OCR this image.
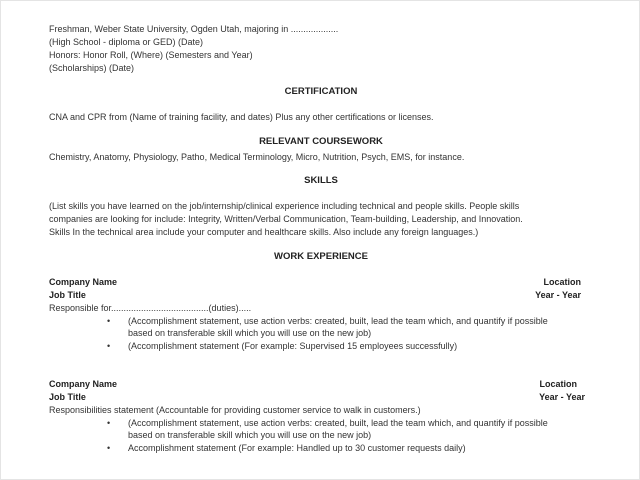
Freshman, Weber State University, Ogden Utah, majoring in ...................
(High School - diploma or GED) (Date)
Honors: Honor Roll, (Where) (Semesters and Year)
(Scholarships) (Date)
CERTIFICATION
CNA and CPR from (Name of training facility, and dates) Plus any other certifications or licenses.
RELEVANT COURSEWORK
Chemistry, Anatomy, Physiology, Patho, Medical Terminology, Micro, Nutrition, Psych, EMS, for instance.
SKILLS
(List skills you have learned on the job/internship/clinical experience including technical and people skills. People skills
companies are looking for include: Integrity, Written/Verbal Communication, Team-building, Leadership, and Innovation.
Skills In the technical area include your computer and healthcare skills. Also include any foreign languages.)
WORK EXPERIENCE
Company Name	Location
Job Title	Year - Year
Responsible for.......................................(duties).....
• (Accomplishment statement, use action verbs: created, built, lead the team which, and quantify if possible
based on transferable skill which you will use on the new job)
• (Accomplishment statement (For example: Supervised 15 employees successfully)
Company Name	Location
Job Title	Year - Year
Responsibilities statement (Accountable for providing customer service to walk in customers.)
• (Accomplishment statement, use action verbs: created, built, lead the team which, and quantify if possible
based on transferable skill which you will use on the new job)
• Accomplishment statement (For example: Handled up to 30 customer requests daily)
